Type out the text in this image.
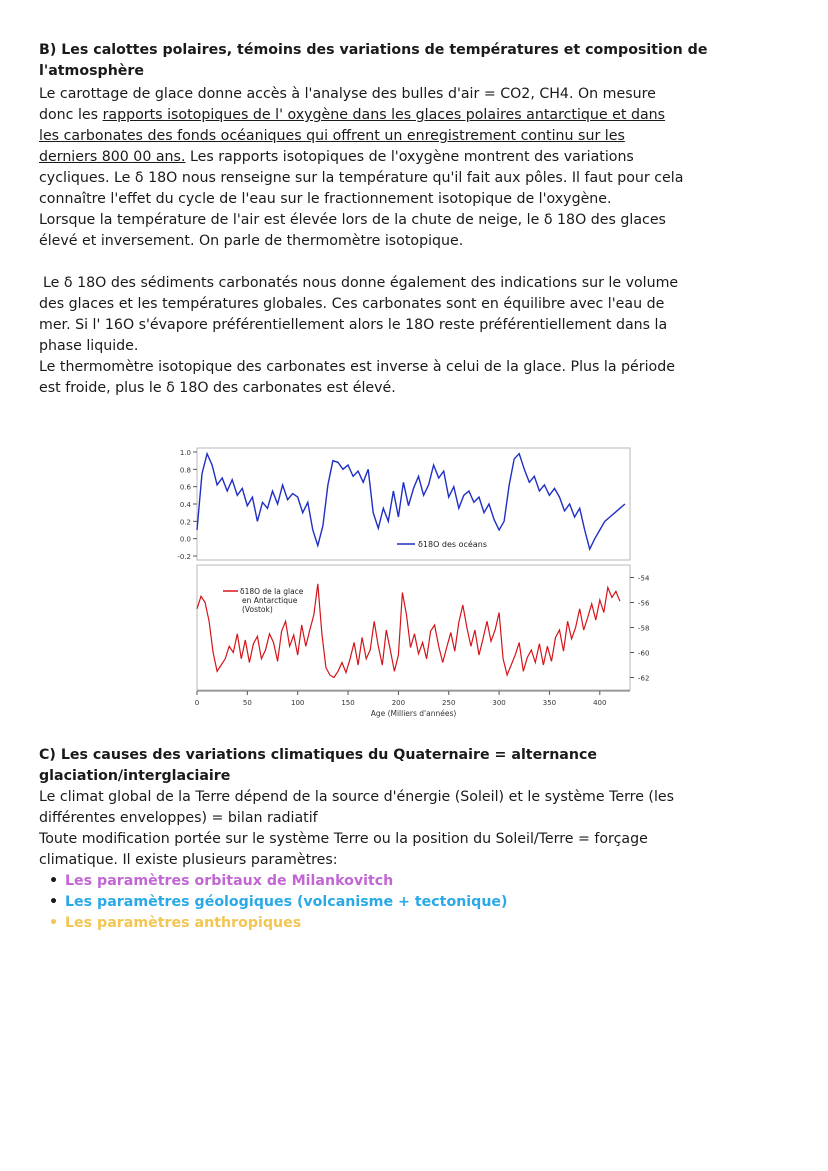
B) Les calottes polaires, témoins des variations de températures et composition de
l'atmosphère

Le carottage de glace donne accès à l'analyse des bulles d'air = CO2, CH4. On mesure
donc les rapports isotopiques de l' oxygène dans les glaces polaires antarctique et dans
les carbonates des fonds océaniques qui offrent un enregistrement continu sur les
derniers 800 00 ans. Les rapports isotopiques de l'oxygène montrent des variations
cycliques. Le δ 18O nous renseigne sur la température qu'il fait aux pôles. Il faut pour cela
connaître l'effet du cycle de l'eau sur le fractionnement isotopique de l'oxygène.
Lorsque la température de l'air est élevée lors de la chute de neige, le δ 18O des glaces
élevé et inversement. On parle de thermomètre isotopique.

Le δ 18O des sédiments carbonatés nous donne également des indications sur le volume
des glaces et les températures globales. Ces carbonates sont en équilibre avec l'eau de
mer. Si l' 16O s'évapore préférentiellement alors le 18O reste préférentiellement dans la
phase liquide.
Le thermomètre isotopique des carbonates est inverse à celui de la glace. Plus la période
est froide, plus le δ 18O des carbonates est élevé.

1.0
0.8
0.6
0.4
0.2
0.0
-0.2
δ18O des océans
-54
-56
-58
-60
-62
δ18O de la glace
en Antarctique
(Vostok)
0	50	100	150	200	250	300	350	400
Age (Milliers d'années)
C) Les causes des variations climatiques du Quaternaire = alternance
glaciation/interglaciaire

Le climat global de la Terre dépend de la source d'énergie (Soleil) et le système Terre (les
différentes enveloppes) = bilan radiatif
Toute modification portée sur le système Terre ou la position du Soleil/Terre = forçage
climatique. Il existe plusieurs paramètres:

• Les paramètres orbitaux de Milankovitch
• Les paramètres géologiques (volcanisme + tectonique)
• Les paramètres anthropiques
